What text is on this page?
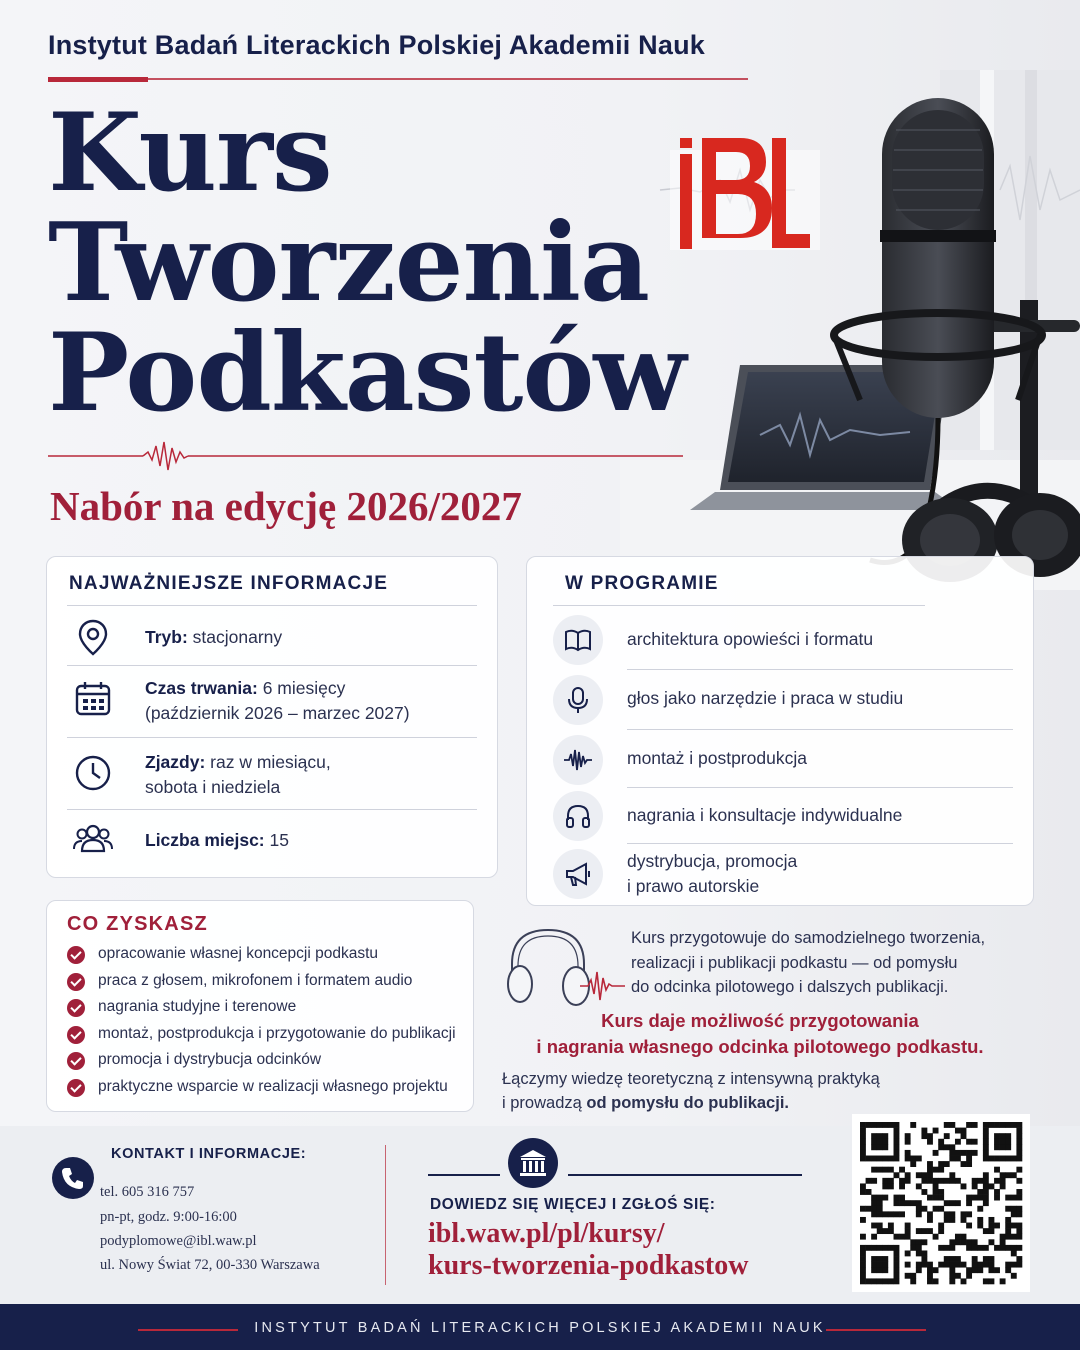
Instytut Badań Literackich Polskiej Akademii Nauk
Kurs
Tworzenia
Podkastów
Nabór na edycję 2026/2027
NAJWAŻNIEJSZE INFORMACJE
Tryb: stacjonarny
Czas trwania: 6 miesięcy
(październik 2026 – marzec 2027)
Zjazdy: raz w miesiącu,
sobota i niedziela
Liczba miejsc: 15
W PROGRAMIE
architektura opowieści i formatu
głos jako narzędzie i praca w studiu
montaż i postprodukcja
nagrania i konsultacje indywidualne
dystrybucja, promocja
i prawo autorskie
CO ZYSKASZ
opracowanie własnej koncepcji podkastu
praca z głosem, mikrofonem i formatem audio
nagrania studyjne i terenowe
montaż, postprodukcja i przygotowanie do publikacji
promocja i dystrybucja odcinków
praktyczne wsparcie w realizacji własnego projektu
Kurs przygotowuje do samodzielnego tworzenia,
realizacji i publikacji podkastu — od pomysłu
do odcinka pilotowego i dalszych publikacji.
Kurs daje możliwość przygotowania
i nagrania własnego odcinka pilotowego podkastu.
Łączymy wiedzę teoretyczną z intensywną praktyką
i prowadzą od pomysłu do publikacji.
KONTAKT I INFORMACJE:
tel. 605 316 757
pn-pt, godz. 9:00-16:00
podyplomowe@ibl.waw.pl
ul. Nowy Świat 72, 00-330 Warszawa
DOWIEDZ SIĘ WIĘCEJ I ZGŁOŚ SIĘ:
ibl.waw.pl/pl/kursy/
kurs-tworzenia-podkastow
INSTYTUT BADAŃ LITERACKICH POLSKIEJ AKADEMII NAUK
